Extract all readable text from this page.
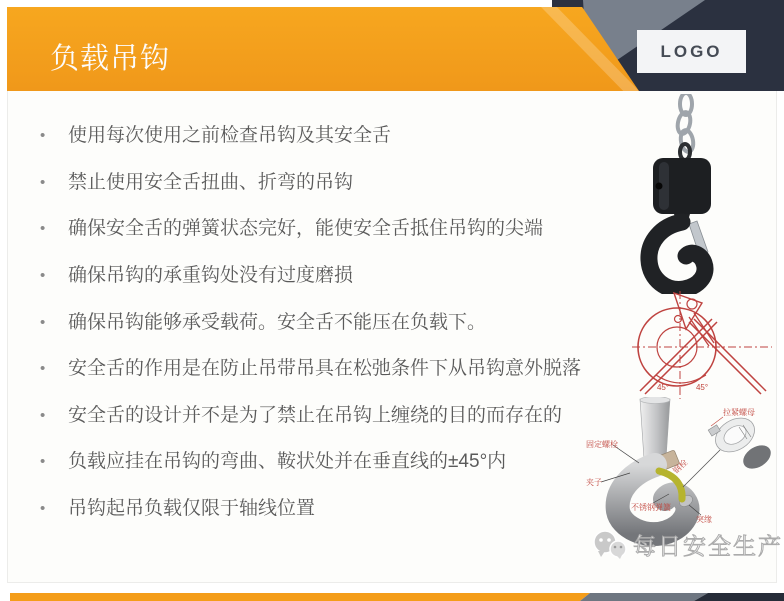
负载吊钩	LOGO
•	使用每次使用之前检查吊钩及其安全舌
•	禁止使用安全舌扭曲、折弯的吊钩
•	确保安全舌的弹簧状态完好，能使安全舌抵住吊钩的尖端
•	确保吊钩的承重钩处没有过度磨损
•	确保吊钩能够承受载荷。安全舌不能压在负载下。
•	安全舌的作用是在防止吊带吊具在松弛条件下从吊钩意外脱落
•	安全舌的设计并不是为了禁止在吊钩上缠绕的目的而存在的
•	负载应挂在吊钩的弯曲、鞍状处并在垂直线的±45°内
•	吊钩起吊负载仅限于轴线位置
45°	45°
固定螺栓
夹子
不锈钢弹簧
钢栓
突缘
拉紧螺母
每日安全生产
